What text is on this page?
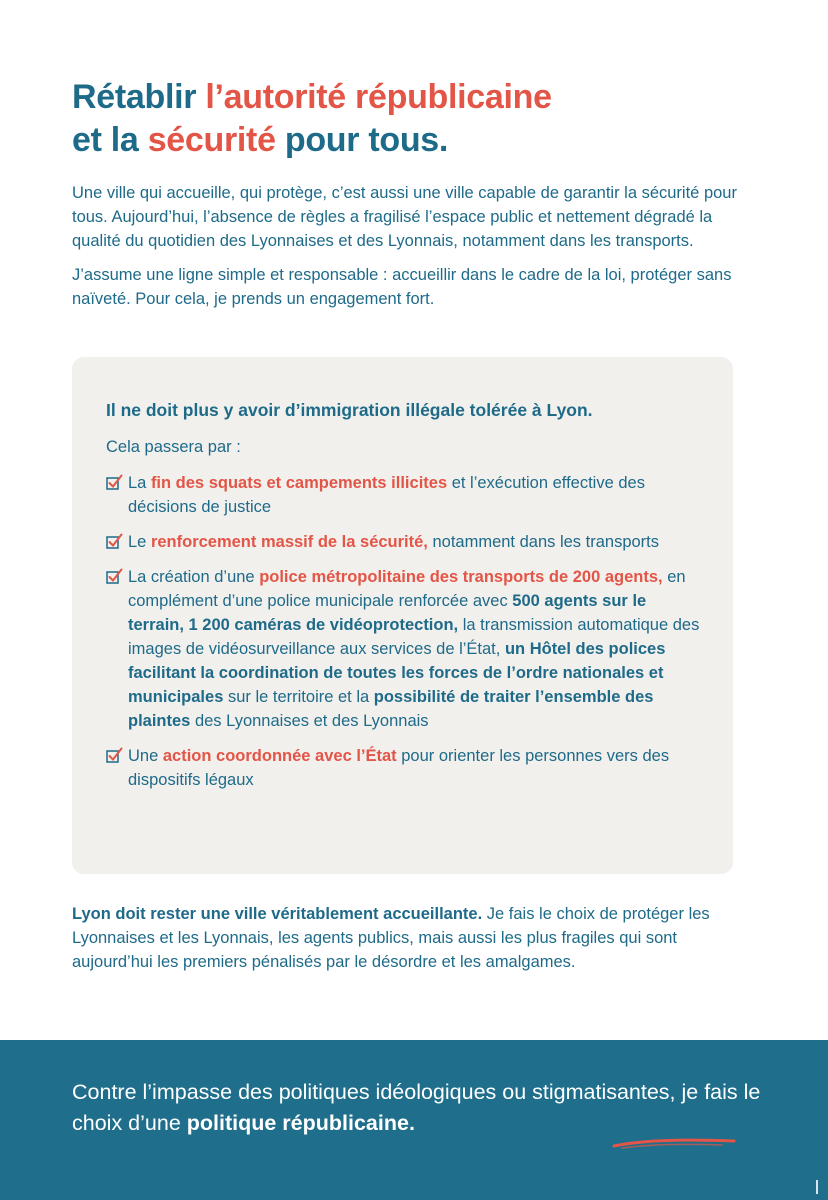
Rétablir l’autorité républicaine
et la sécurité pour tous.

Une ville qui accueille, qui protège, c’est aussi une ville capable de garantir la sécurité pour tous. Aujourd’hui, l’absence de règles a fragilisé l’espace public et nettement dégradé la qualité du quotidien des Lyonnaises et des Lyonnais, notamment dans les transports.

J’assume une ligne simple et responsable : accueillir dans le cadre de la loi, protéger sans naïveté. Pour cela, je prends un engagement fort.

Il ne doit plus y avoir d’immigration illégale tolérée à Lyon.

Cela passera par :
La fin des squats et campements illicites et l’exécution effective des décisions de justice
Le renforcement massif de la sécurité, notamment dans les transports
La création d’une police métropolitaine des transports de 200 agents, en complément d’une police municipale renforcée avec 500 agents sur le terrain, 1 200 caméras de vidéoprotection, la transmission automatique des images de vidéosurveillance aux services de l’État, un Hôtel des polices facilitant la coordination de toutes les forces de l’ordre nationales et municipales sur le territoire et la possibilité de traiter l’ensemble des plaintes des Lyonnaises et des Lyonnais
Une action coordonnée avec l’État pour orienter les personnes vers des dispositifs légaux

Lyon doit rester une ville véritablement accueillante. Je fais le choix de protéger les Lyonnaises et les Lyonnais, les agents publics, mais aussi les plus fragiles qui sont aujourd’hui les premiers pénalisés par le désordre et les amalgames.

Contre l’impasse des politiques idéologiques ou stigmatisantes, je fais le choix d’une politique républicaine.
